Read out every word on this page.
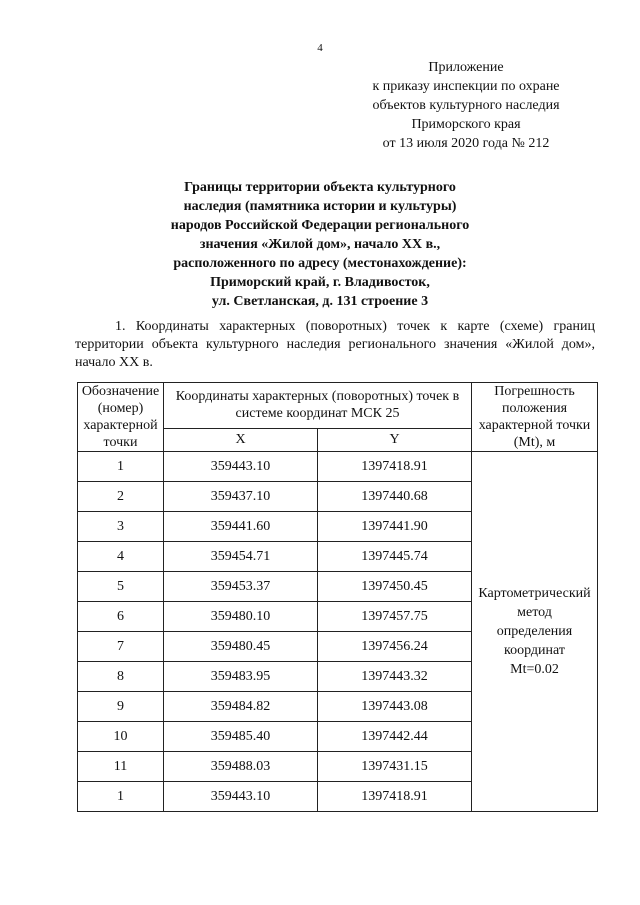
4
Приложение
к приказу инспекции по охране
объектов культурного наследия
Приморского края
от 13 июля 2020 года № 212
Границы территории объекта культурного
наследия (памятника истории и культуры)
народов Российской Федерации регионального
значения «Жилой дом», начало ХХ в.,
расположенного по адресу (местонахождение):
Приморский край, г. Владивосток,
ул. Светланская, д. 131 строение 3
1. Координаты характерных (поворотных) точек к карте (схеме) границ территории объекта культурного наследия регионального значения «Жилой дом», начало ХХ в.
Обозначение (номер) характерной точки	Координаты характерных (поворотных) точек в системе координат МСК 25		Погрешность положения характерной точки (Mt), м
	X	Y	
1	359443.10	1397418.91	Картометрический
метод
определения
координат
Mt=0.02

2	359437.10	1397440.68	
3	359441.60	1397441.90	
4	359454.71	1397445.74	
5	359453.37	1397450.45	
6	359480.10	1397457.75	
7	359480.45	1397456.24	
8	359483.95	1397443.32	
9	359484.82	1397443.08	
10	359485.40	1397442.44	
11	359488.03	1397431.15	
1	359443.10	1397418.91	
